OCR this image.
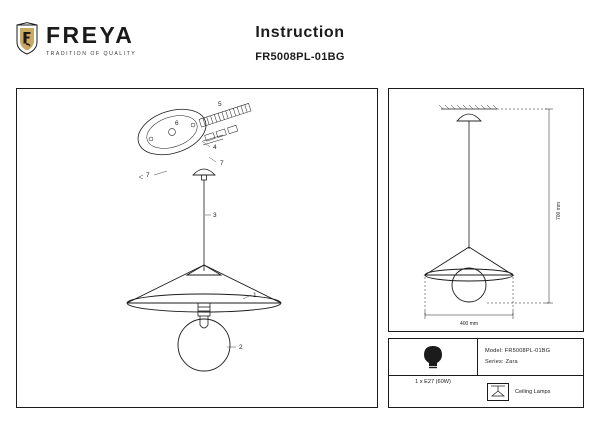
FREYA
TRADITION OF QUALITY
Instruction
FR5008PL-01BG
6
5
4
7
7
3
2
1
700 mm
400 mm
1 x E27 (60W)
Model: FR5008PL-01BG
Series: Zara
Ceiling Lamps
